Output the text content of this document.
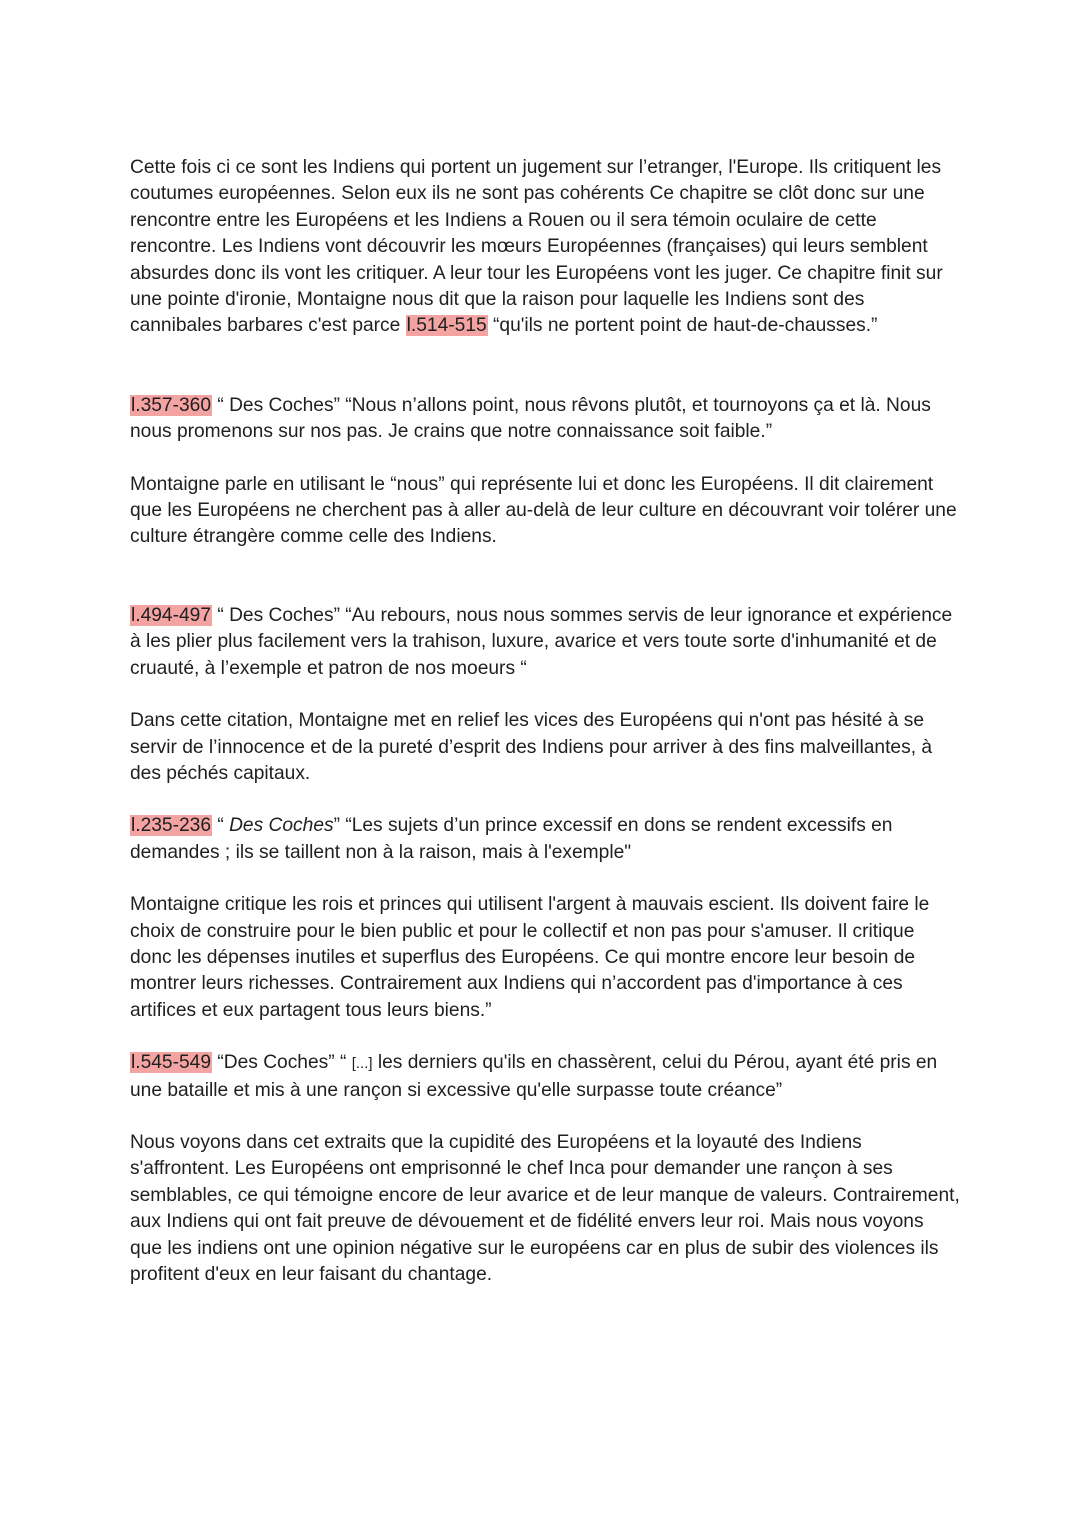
Cette fois ci ce sont les Indiens qui portent un jugement sur l’etranger, l'Europe. Ils critiquent les coutumes européennes. Selon eux ils ne sont pas cohérents Ce chapitre se clôt donc sur une rencontre entre les Européens et les Indiens a Rouen ou il sera témoin oculaire de cette rencontre. Les Indiens vont découvrir les mœurs Européennes (françaises) qui leurs semblent absurdes donc ils vont les critiquer. A leur tour les Européens vont les juger. Ce chapitre finit sur une pointe d'ironie, Montaigne nous dit que la raison pour laquelle les Indiens sont des cannibales barbares c'est parce l.514-515 “qu'ils ne portent point de haut-de-chausses.”

l.357-360 “ Des Coches” “Nous n’allons point, nous rêvons plutôt, et tournoyons ça et là. Nous nous promenons sur nos pas. Je crains que notre connaissance soit faible.”

Montaigne parle en utilisant le “nous” qui représente lui et donc les Européens. Il dit clairement que les Européens ne cherchent pas à aller au-delà de leur culture en découvrant voir tolérer une culture étrangère comme celle des Indiens.

l.494-497 “ Des Coches” “Au rebours, nous nous sommes servis de leur ignorance et expérience à les plier plus facilement vers la trahison, luxure, avarice et vers toute sorte d'inhumanité et de cruauté, à l’exemple et patron de nos moeurs “

Dans cette citation, Montaigne met en relief les vices des Européens qui n'ont pas hésité à se servir de l’innocence et de la pureté d’esprit des Indiens pour arriver à des fins malveillantes, à des péchés capitaux.

l.235-236 “ Des Coches” “Les sujets d’un prince excessif en dons se rendent excessifs en demandes ; ils se taillent non à la raison, mais à l'exemple"

Montaigne critique les rois et princes qui utilisent l'argent à mauvais escient. Ils doivent faire le choix de construire pour le bien public et pour le collectif et non pas pour s'amuser. Il critique donc les dépenses inutiles et superflus des Européens. Ce qui montre encore leur besoin de montrer leurs richesses. Contrairement aux Indiens qui n’accordent pas d'importance à ces artifices et eux partagent tous leurs biens.”

l.545-549 “Des Coches” “ [...] les derniers qu'ils en chassèrent, celui du Pérou, ayant été pris en une bataille et mis à une rançon si excessive qu'elle surpasse toute créance”

Nous voyons dans cet extraits que la cupidité des Européens et la loyauté des Indiens s'affrontent. Les Européens ont emprisonné le chef Inca pour demander une rançon à ses semblables, ce qui témoigne encore de leur avarice et de leur manque de valeurs. Contrairement, aux Indiens qui ont fait preuve de dévouement et de fidélité envers leur roi. Mais nous voyons que les indiens ont une opinion négative sur le européens car en plus de subir des violences ils profitent d'eux en leur faisant du chantage.
